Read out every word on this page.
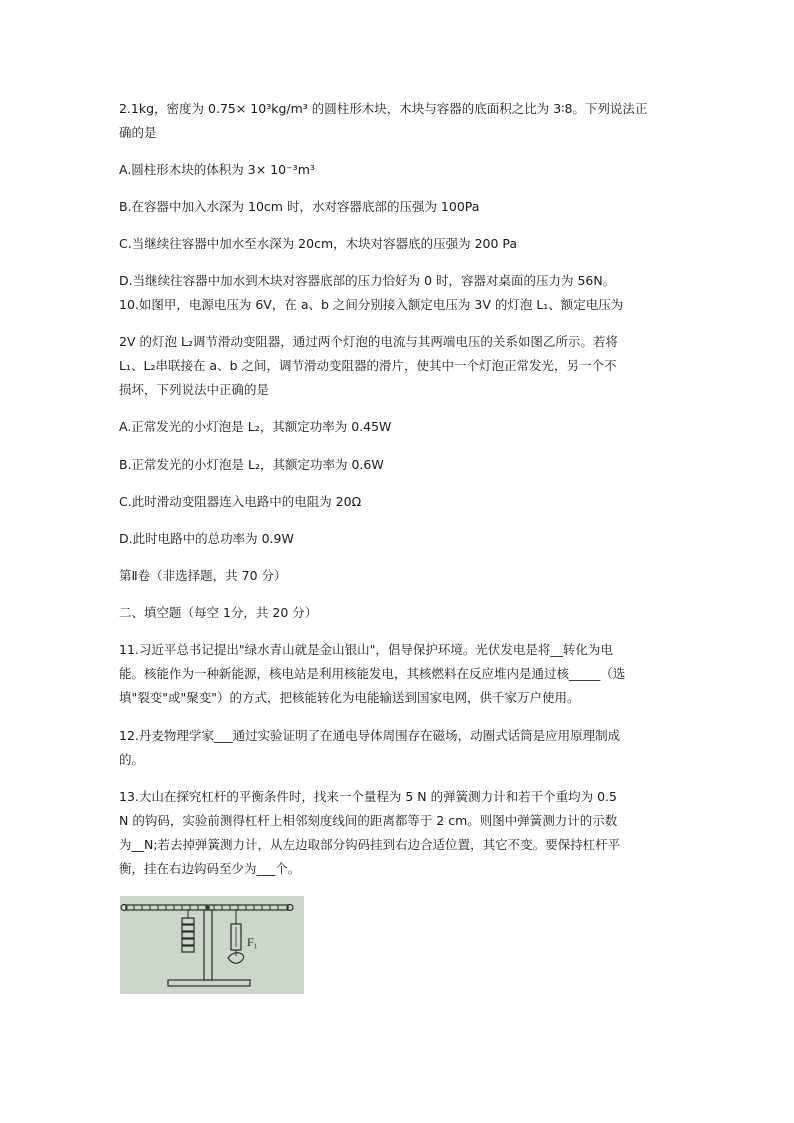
2.1kg，密度为 0.75× 10³kg/m³ 的圆柱形木块，木块与容器的底面积之比为 3∶8。下列说法正
确的是
A.圆柱形木块的体积为 3× 10⁻³m³
B.在容器中加入水深为 10cm 时，水对容器底部的压强为 100Pa
C.当继续往容器中加水至水深为 20cm，木块对容器底的压强为 200 Pa
D.当继续往容器中加水到木块对容器底部的压力恰好为 0 时，容器对桌面的压力为 56N。
10.如图甲，电源电压为 6V，在 a、b 之间分别接入额定电压为 3V 的灯泡 L₁、额定电压为
2V 的灯泡 L₂调节滑动变阻器，通过两个灯泡的电流与其两端电压的关系如图乙所示。若将
L₁、L₂串联接在 a、b 之间，调节滑动变阻器的滑片，使其中一个灯泡正常发光，另一个不
损坏，下列说法中正确的是
A.正常发光的小灯泡是 L₂，其额定功率为 0.45W
B.正常发光的小灯泡是 L₂，其额定功率为 0.6W
C.此时滑动变阻器连入电路中的电阻为 20Ω
D.此时电路中的总功率为 0.9W
第Ⅱ卷（非选择题，共 70 分）
二、填空题（每空 1分，共 20 分）
11.习近平总书记提出"绿水青山就是金山银山"，倡导保护环境。光伏发电是将__转化为电
能。核能作为一种新能源，核电站是利用核能发电，其核燃料在反应堆内是通过核_____（选
填"裂变"或"聚变"）的方式，把核能转化为电能输送到国家电网，供千家万户使用。
12.丹麦物理学家___通过实验证明了在通电导体周围存在磁场，动圈式话筒是应用原理制成
的。
13.大山在探究杠杆的平衡条件时，找来一个量程为 5 N 的弹簧测力计和若干个重均为 0.5
N 的钩码，实验前测得杠杆上相邻刻度线间的距离都等于 2 cm。则图中弹簧测力计的示数
为__N;若去掉弹簧测力计，从左边取部分钩码挂到右边合适位置，其它不变。要保持杠杆平
衡，挂在右边钩码至少为___个。
F₁
